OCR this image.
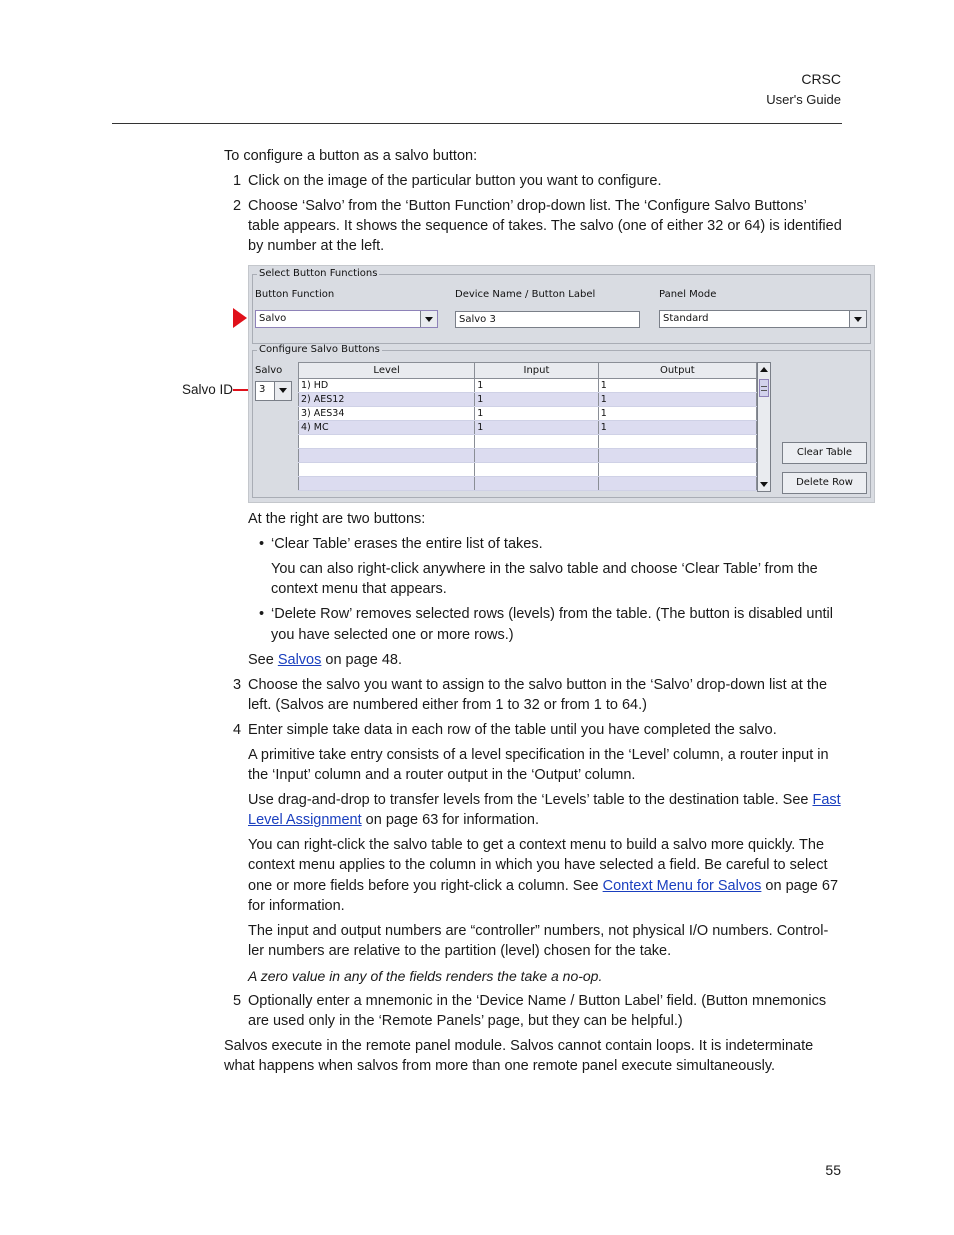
CRSC
User's Guide
To configure a button as a salvo button:
1 Click on the image of the particular button you want to configure.
2 Choose ‘Salvo’ from the ‘Button Function’ drop-down list. The ‘Configure Salvo Buttons’
table appears. It shows the sequence of takes. The salvo (one of either 32 or 64) is identified
by number at the left.
Salvo ID
Select Button Functions
Button Function
Salvo
Device Name / Button Label
Salvo 3
Panel Mode
Standard
Configure Salvo Buttons
Salvo
3
Level	Input	Output
1) HD	1	1
2) AES12	1	1
3) AES34	1	1
4) MC	1	1

Clear Table
Delete Row
At the right are two buttons:
• ‘Clear Table’ erases the entire list of takes.
You can also right-click anywhere in the salvo table and choose ‘Clear Table’ from the
context menu that appears.
• ‘Delete Row’ removes selected rows (levels) from the table. (The button is disabled until
you have selected one or more rows.)
See Salvos on page 48.
3 Choose the salvo you want to assign to the salvo button in the ‘Salvo’ drop-down list at the
left. (Salvos are numbered either from 1 to 32 or from 1 to 64.)
4 Enter simple take data in each row of the table until you have completed the salvo.
A primitive take entry consists of a level specification in the ‘Level’ column, a router input in
the ‘Input’ column and a router output in the ‘Output’ column.
Use drag-and-drop to transfer levels from the ‘Levels’ table to the destination table. See Fast
Level Assignment on page 63 for information.
You can right-click the salvo table to get a context menu to build a salvo more quickly. The
context menu applies to the column in which you have selected a field. Be careful to select
one or more fields before you right-click a column. See Context Menu for Salvos on page 67
for information.
The input and output numbers are “controller” numbers, not physical I/O numbers. Control-
ler numbers are relative to the partition (level) chosen for the take.
A zero value in any of the fields renders the take a no-op.
5 Optionally enter a mnemonic in the ‘Device Name / Button Label’ field. (Button mnemonics
are used only in the ‘Remote Panels’ page, but they can be helpful.)
Salvos execute in the remote panel module. Salvos cannot contain loops. It is indeterminate
what happens when salvos from more than one remote panel execute simultaneously.
55
